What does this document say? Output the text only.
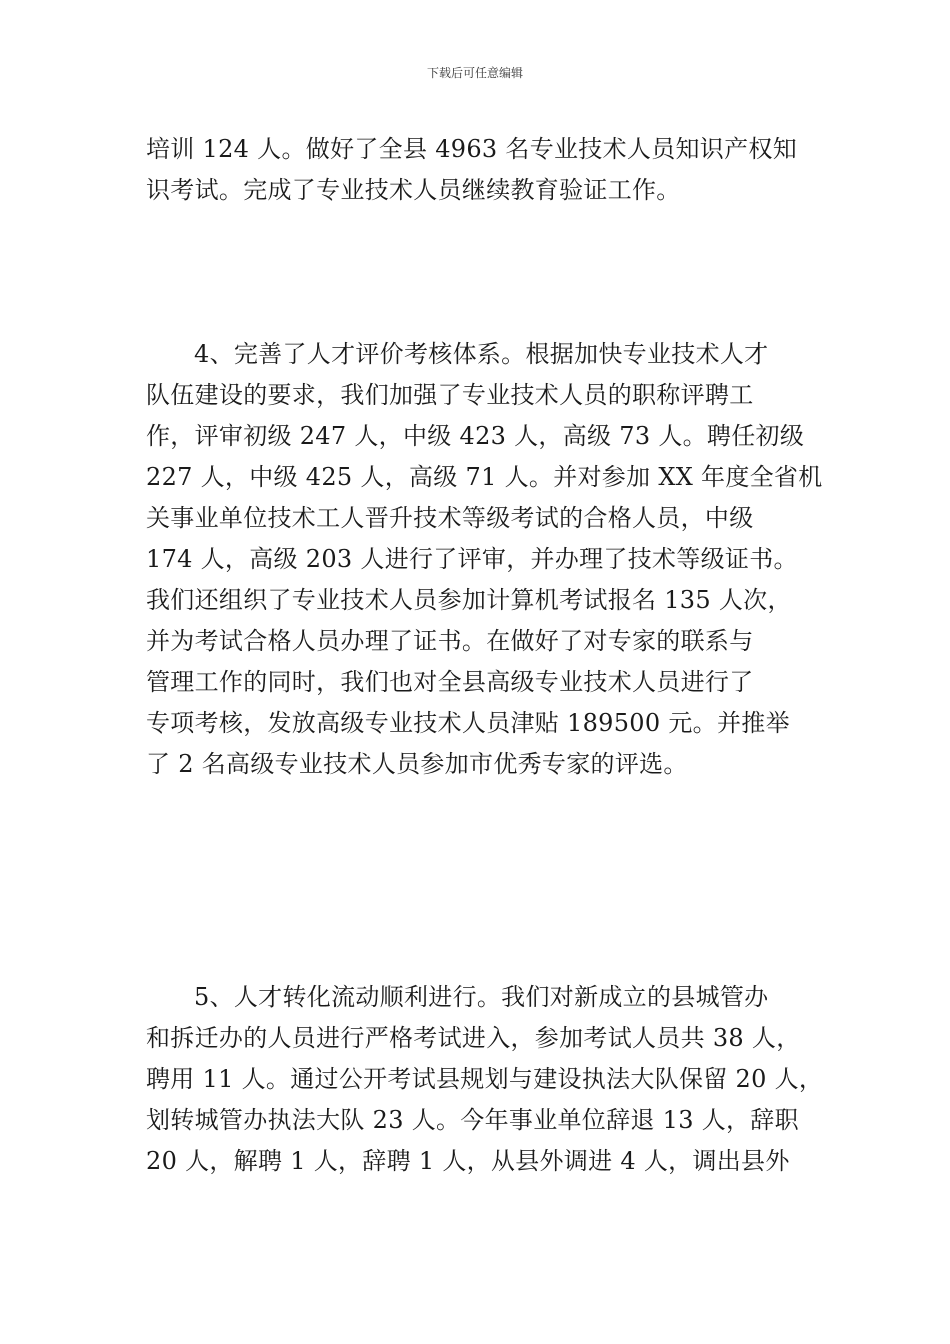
下载后可任意编辑
培训 124 人。做好了全县 4963 名专业技术人员知识产权知
识考试。完成了专业技术人员继续教育验证工作。
4、完善了人才评价考核体系。根据加快专业技术人才
队伍建设的要求，我们加强了专业技术人员的职称评聘工
作，评审初级 247 人，中级 423 人，高级 73 人。聘任初级
227 人，中级 425 人，高级 71 人。并对参加 XX 年度全省机
关事业单位技术工人晋升技术等级考试的合格人员，中级
174 人，高级 203 人进行了评审，并办理了技术等级证书。
我们还组织了专业技术人员参加计算机考试报名 135 人次，
并为考试合格人员办理了证书。在做好了对专家的联系与
管理工作的同时，我们也对全县高级专业技术人员进行了
专项考核，发放高级专业技术人员津贴 189500 元。并推举
了 2 名高级专业技术人员参加市优秀专家的评选。
5、人才转化流动顺利进行。我们对新成立的县城管办
和拆迁办的人员进行严格考试进入，参加考试人员共 38 人，
聘用 11 人。通过公开考试县规划与建设执法大队保留 20 人，
划转城管办执法大队 23 人。今年事业单位辞退 13 人，辞职
20 人，解聘 1 人，辞聘 1 人，从县外调进 4 人，调出县外
